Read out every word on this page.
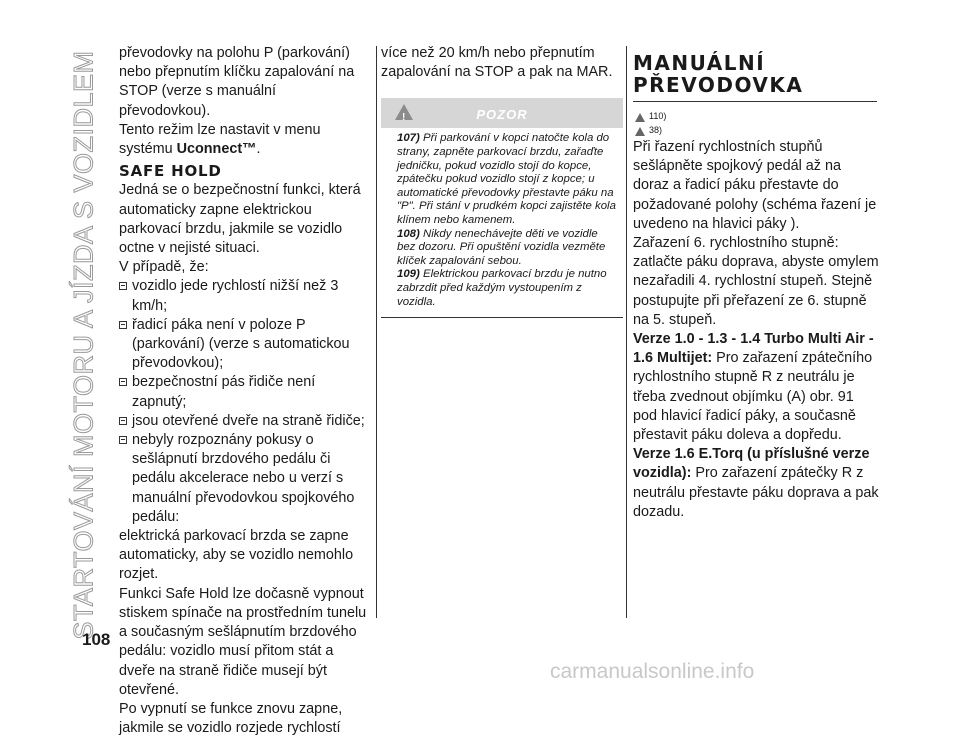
STARTOVÁNÍ MOTORU A JÍZDA S VOZIDLEM
108

převodovky na polohu P (parkování)

nebo přepnutím klíčku zapalování na

STOP (verze s manuální převodovkou).

Tento režim lze nastavit v menu

systému Uconnect™.

SAFE HOLD

Jedná se o bezpečnostní funkci, která automaticky zapne elektrickou parkovací brzdu, jakmile se vozidlo octne v nejisté situaci.

V případě, že:

vozidlo jede rychlostí nižší než 3 km/h;
řadicí páka není v poloze P (parkování) (verze s automatickou převodovkou);
bezpečnostní pás řidiče není zapnutý;
jsou otevřené dveře na straně řidiče;
nebyly rozpoznány pokusy o sešlápnutí brzdového pedálu či pedálu akcelerace nebo u verzí s manuální převodovkou spojkového pedálu:

elektrická parkovací brzda se zapne automaticky, aby se vozidlo nemohlo rozjet.

Funkci Safe Hold lze dočasně vypnout stiskem spínače na prostředním tunelu a současným sešlápnutím brzdového pedálu: vozidlo musí přitom stát a dveře na straně řidiče musejí být otevřené.

Po vypnutí se funkce znovu zapne, jakmile se vozidlo rozjede rychlostí

více než 20 km/h nebo přepnutím zapalování na STOP a pak na MAR.

!	POZOR

107) Při parkování v kopci natočte kola do strany, zapněte parkovací brzdu, zařaďte jedničku, pokud vozidlo stojí do kopce, zpátečku pokud vozidlo stojí z kopce; u automatické převodovky přestavte páku na "P". Při stání v prudkém kopci zajistěte kola klínem nebo kamenem.

108) Nikdy nenechávejte děti ve vozidle bez dozoru. Při opuštění vozidla vezměte klíček zapalování sebou.

109) Elektrickou parkovací brzdu je nutno zabrzdit před každým vystoupením z vozidla.

MANUÁLNÍ
PŘEVODOVKA
110)
38)

Při řazení rychlostních stupňů sešlápněte spojkový pedál až na doraz a řadicí páku přestavte do požadované polohy (schéma řazení je uvedeno na hlavici páky ).

Zařazení 6. rychlostního stupně: zatlačte páku doprava, abyste omylem nezařadili 4. rychlostní stupeň. Stejně postupujte při přeřazení ze 6. stupně na 5. stupeň.

Verze 1.0 - 1.3 - 1.4 Turbo Multi Air - 1.6 Multijet: Pro zařazení zpátečního rychlostního stupně R z neutrálu je třeba zvednout objímku (A) obr. 91 pod hlavicí řadicí páky, a současně přestavit páku doleva a dopředu.

Verze 1.6 E.Torq (u příslušné verze vozidla): Pro zařazení zpátečky R z neutrálu přestavte páku doprava a pak dozadu.

carmanualsonline.info
